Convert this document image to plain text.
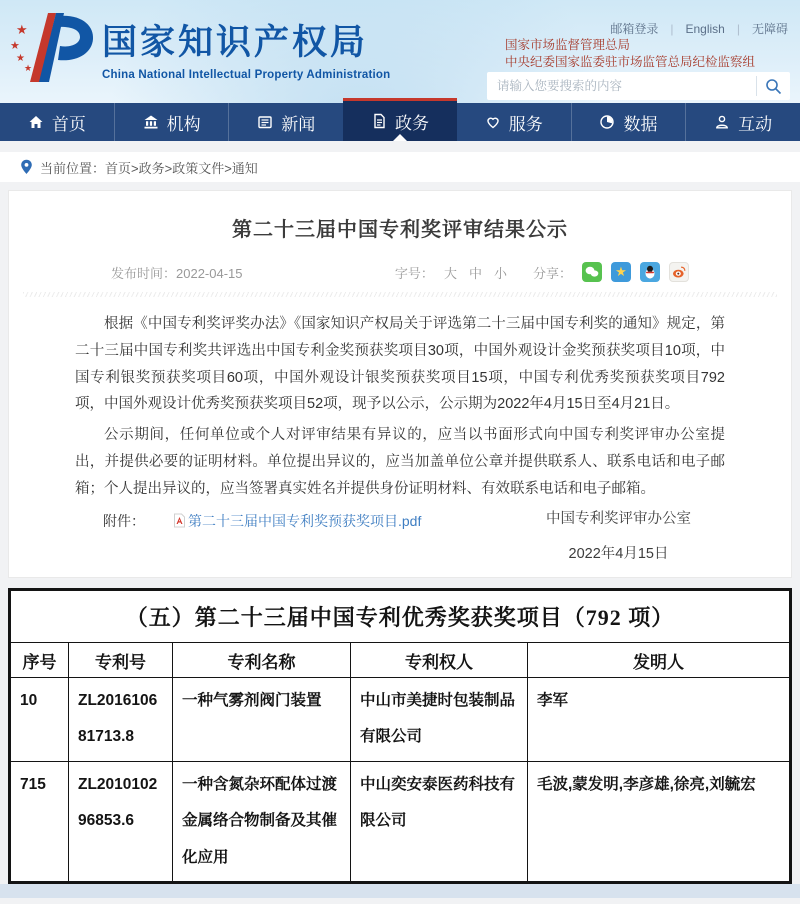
★
★
★
★
国家知识产权局
China National Intellectual Property Administration
邮箱登录 | English | 无障碍
国家市场监督管理总局
中央纪委国家监委驻市场监管总局纪检监察组
请输入您要搜索的内容
首页	机构	新闻	政务	服务	数据	互动
当前位置： 首页>政务>政策文件>通知
第二十三届中国专利奖评审结果公示
发布时间：2022-04-15	字号： 大 中 小 分享：	★

根据《中国专利奖评奖办法》《国家知识产权局关于评选第二十三届中国专利奖的通知》规定，第二十三届中国专利奖共评选出中国专利金奖预获奖项目30项，中国外观设计金奖预获奖项目10项，中国专利银奖预获奖项目60项，中国外观设计银奖预获奖项目15项，中国专利优秀奖预获奖项目792项，中国外观设计优秀奖预获奖项目52项，现予以公示，公示期为2022年4月15日至4月21日。

公示期间，任何单位或个人对评审结果有异议的，应当以书面形式向中国专利奖评审办公室提出，并提供必要的证明材料。单位提出异议的，应当加盖单位公章并提供联系人、联系电话和电子邮箱；个人提出异议的，应当签署真实姓名并提供身份证明材料、有效联系电话和电子邮箱。

附件：	第二十三届中国专利奖预获奖项目.pdf	中国专利奖评审办公室
2022年4月15日
（五）第二十三届中国专利优秀奖获奖项目（792 项）				
序号	专利号	专利名称	专利权人	发明人
10	ZL201610681713.8	一种气雾剂阀门装置	中山市美捷时包装制品有限公司	李军
715	ZL201010296853.6	一种含氮杂环配体过渡金属络合物制备及其催化应用	中山奕安泰医药科技有限公司	毛波,蒙发明,李彦雄,徐亮,刘毓宏
